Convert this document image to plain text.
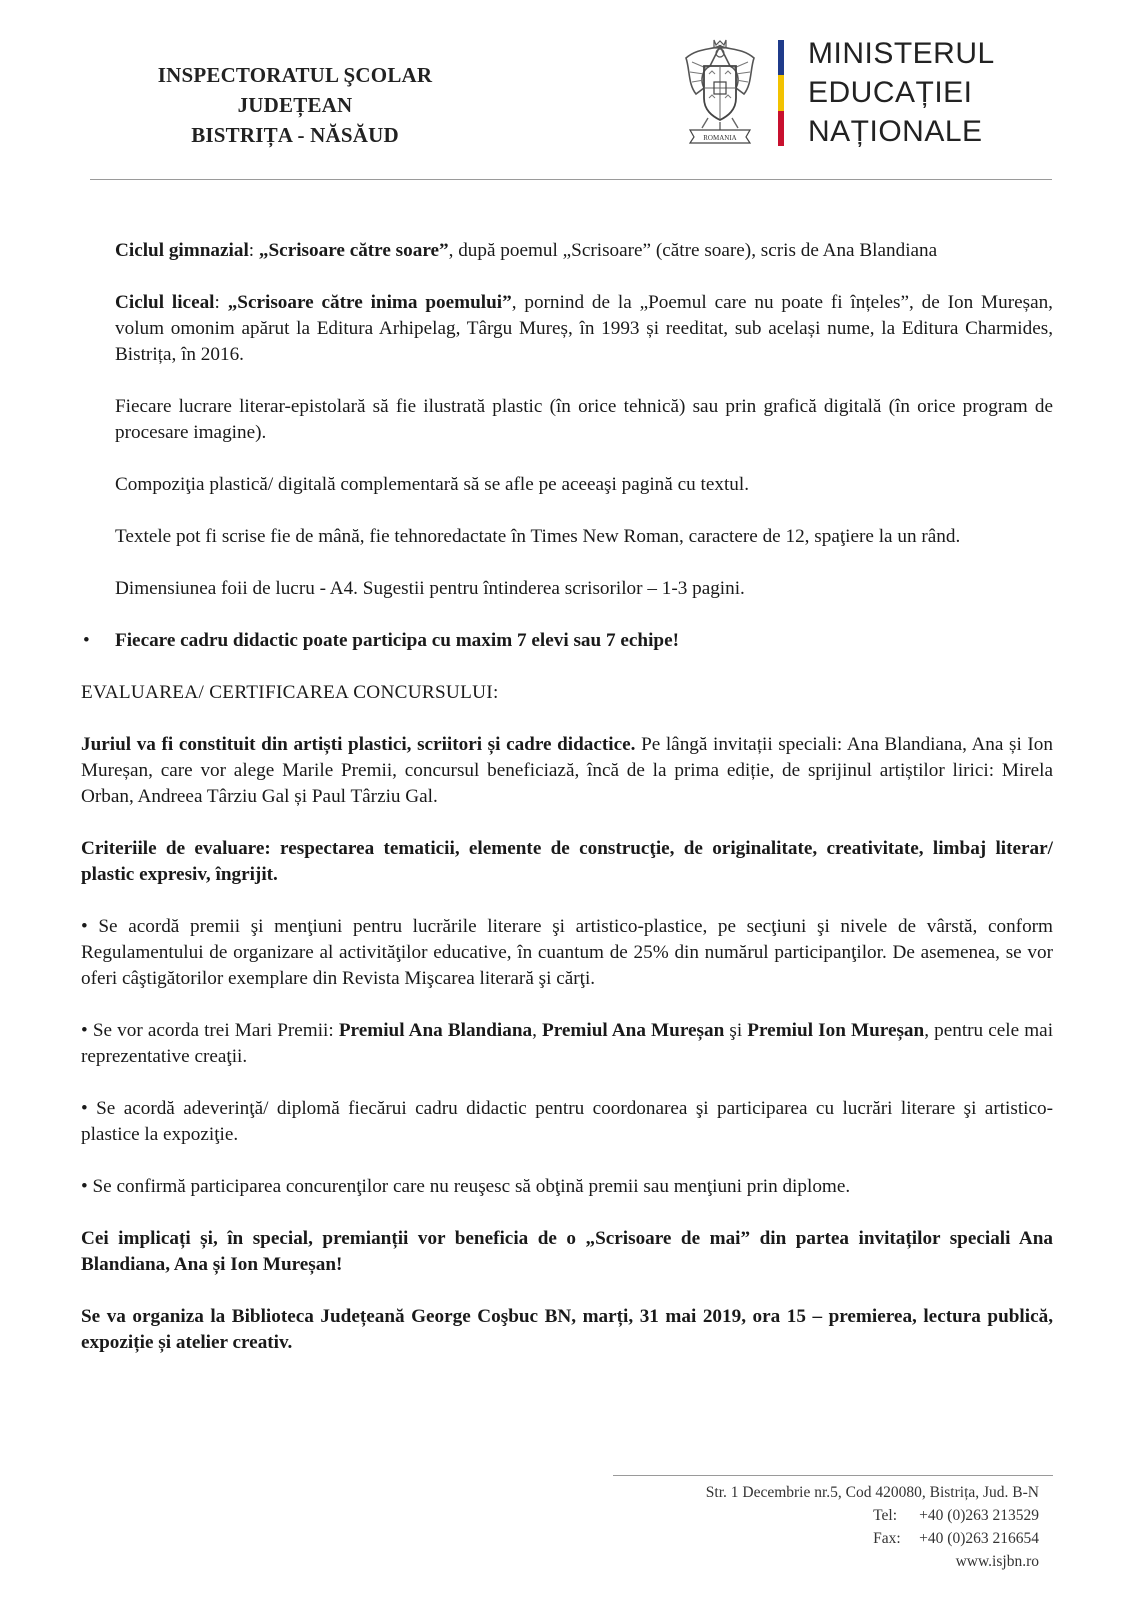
INSPECTORATUL ŞCOLAR JUDEȚEAN
BISTRIȚA - NĂSĂUD	ROMANIA
MINISTERUL
EDUCAȚIEI
NAȚIONALE

Ciclul gimnazial: „Scrisoare către soare”, după poemul „Scrisoare” (către soare), scris de Ana Blandiana

Ciclul liceal: „Scrisoare către inima poemului”, pornind de la „Poemul care nu poate fi înțeles”, de Ion Mureșan, volum omonim apărut la Editura Arhipelag, Târgu Mureș, în 1993 și reeditat, sub același nume, la Editura Charmides, Bistrița, în 2016.

Fiecare lucrare literar-epistolară să fie ilustrată plastic (în orice tehnică) sau prin grafică digitală (în orice program de procesare imagine).

Compoziţia plastică/ digitală complementară să se afle pe aceeaşi pagină cu textul.

Textele pot fi scrise fie de mână, fie tehnoredactate în Times New Roman, caractere de 12, spaţiere la un rând.

Dimensiunea foii de lucru - A4. Sugestii pentru întinderea scrisorilor – 1-3 pagini.

• Fiecare cadru didactic poate participa cu maxim 7 elevi sau 7 echipe!

EVALUAREA/ CERTIFICAREA CONCURSULUI:

Juriul va fi constituit din artiști plastici, scriitori și cadre didactice. Pe lângă invitații speciali: Ana Blandiana, Ana și Ion Mureșan, care vor alege Marile Premii, concursul beneficiază, încă de la prima ediție, de sprijinul artiștilor lirici: Mirela Orban, Andreea Târziu Gal și Paul Târziu Gal.

Criteriile de evaluare: respectarea tematicii, elemente de construcţie, de originalitate, creativitate, limbaj literar/ plastic expresiv, îngrijit.

• Se acordă premii şi menţiuni pentru lucrările literare şi artistico-plastice, pe secţiuni şi nivele de vârstă, conform Regulamentului de organizare al activităţilor educative, în cuantum de 25% din numărul participanţilor. De asemenea, se vor oferi câştigătorilor exemplare din Revista Mişcarea literară şi cărţi.

• Se vor acorda trei Mari Premii: Premiul Ana Blandiana, Premiul Ana Mureșan şi Premiul Ion Mureșan, pentru cele mai reprezentative creaţii.

• Se acordă adeverinţă/ diplomă fiecărui cadru didactic pentru coordonarea şi participarea cu lucrări literare şi artistico-plastice la expoziţie.

• Se confirmă participarea concurenţilor care nu reuşesc să obţină premii sau menţiuni prin diplome.

Cei implicați și, în special, premianții vor beneficia de o „Scrisoare de mai” din partea invitaților speciali Ana Blandiana, Ana și Ion Mureșan!

Se va organiza la Biblioteca Județeană George Coşbuc BN, marți, 31 mai 2019, ora 15 – premierea, lectura publică, expoziție și atelier creativ.

Str. 1 Decembrie nr.5, Cod 420080, Bistrița, Jud. B-N
Tel: +40 (0)263 213529
Fax: +40 (0)263 216654
www.isjbn.ro
